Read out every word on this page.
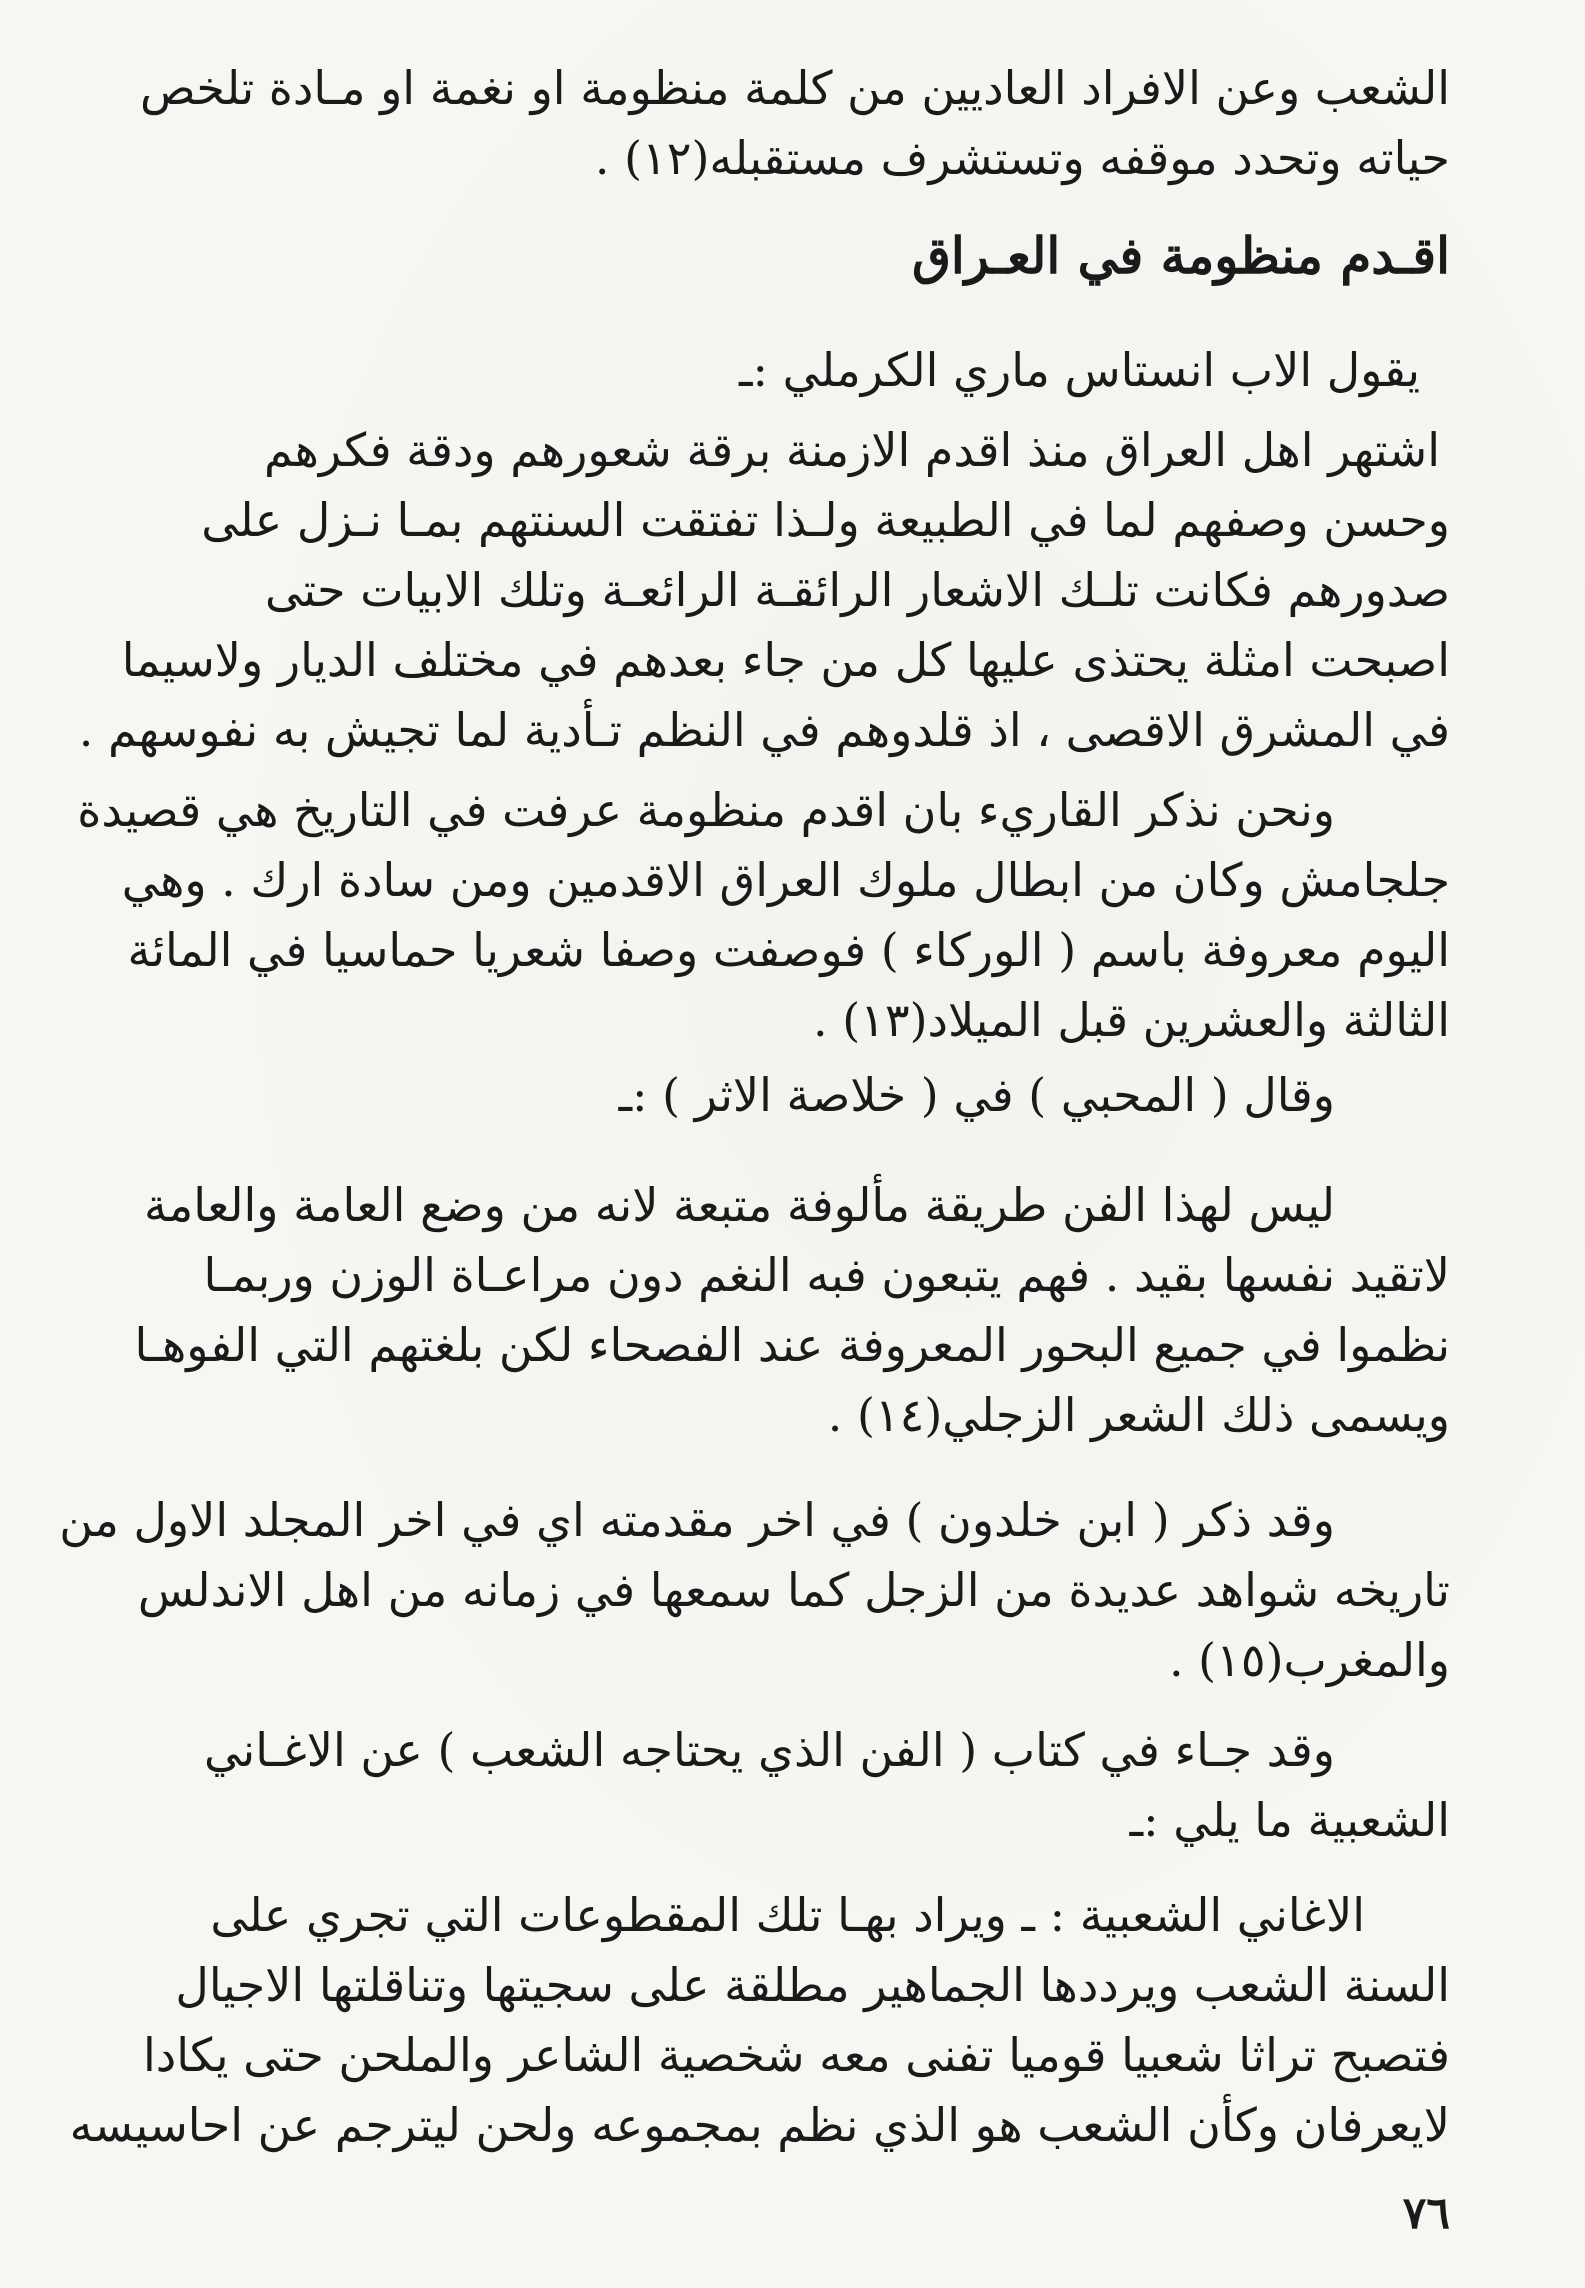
الشعب وعن الافراد العاديين من كلمة منظومة او نغمة او مـادة تلخص
حياته وتحدد موقفه وتستشرف مستقبله(١٢) .
اقـدم منظومة في العـراق
يقول الاب انستاس ماري الكرملي :ـ
اشتهر اهل العراق منذ اقدم الازمنة برقة شعورهم ودقة فكرهم
وحسن وصفهم لما في الطبيعة ولـذا تفتقت السنتهم بمـا نـزل على
صدورهم فكانت تلـك الاشعار الرائقـة الرائعـة وتلك الابيات حتى
اصبحت امثلة يحتذى عليها كل من جاء بعدهم في مختلف الديار ولاسيما
في المشرق الاقصى ، اذ قلدوهم في النظم تـأدية لما تجيش به نفوسهم .
ونحن نذكر القاريء بان اقدم منظومة عرفت في التاريخ هي قصيدة
جلجامش وكان من ابطال ملوك العراق الاقدمين ومن سادة ارك . وهي
اليوم معروفة باسم ( الوركاء ) فوصفت وصفا شعريا حماسيا في المائة
الثالثة والعشرين قبل الميلاد(١٣) .
وقال ( المحبي ) في ( خلاصة الاثر ) :ـ
ليس لهذا الفن طريقة مألوفة متبعة لانه من وضع العامة والعامة
لاتقيد نفسها بقيد . فهم يتبعون فبه النغم دون مراعـاة الوزن وربمـا
نظموا في جميع البحور المعروفة عند الفصحاء لكن بلغتهم التي الفوهـا
ويسمى ذلك الشعر الزجلي(١٤) .
وقد ذكر ( ابن خلدون ) في اخر مقدمته اي في اخر المجلد الاول من
تاريخه شواهد عديدة من الزجل كما سمعها في زمانه من اهل الاندلس
والمغرب(١٥) .
وقد جـاء في كتاب ( الفن الذي يحتاجه الشعب ) عن الاغـاني
الشعبية ما يلي :ـ
الاغاني الشعبية : ـ ويراد بهـا تلك المقطوعات التي تجري على
السنة الشعب ويرددها الجماهير مطلقة على سجيتها وتناقلتها الاجيال
فتصبح تراثا شعبيا قوميا تفنى معه شخصية الشاعر والملحن حتى يكادا
لايعرفان وكأن الشعب هو الذي نظم بمجموعه ولحن ليترجم عن احاسيسه
٧٦
